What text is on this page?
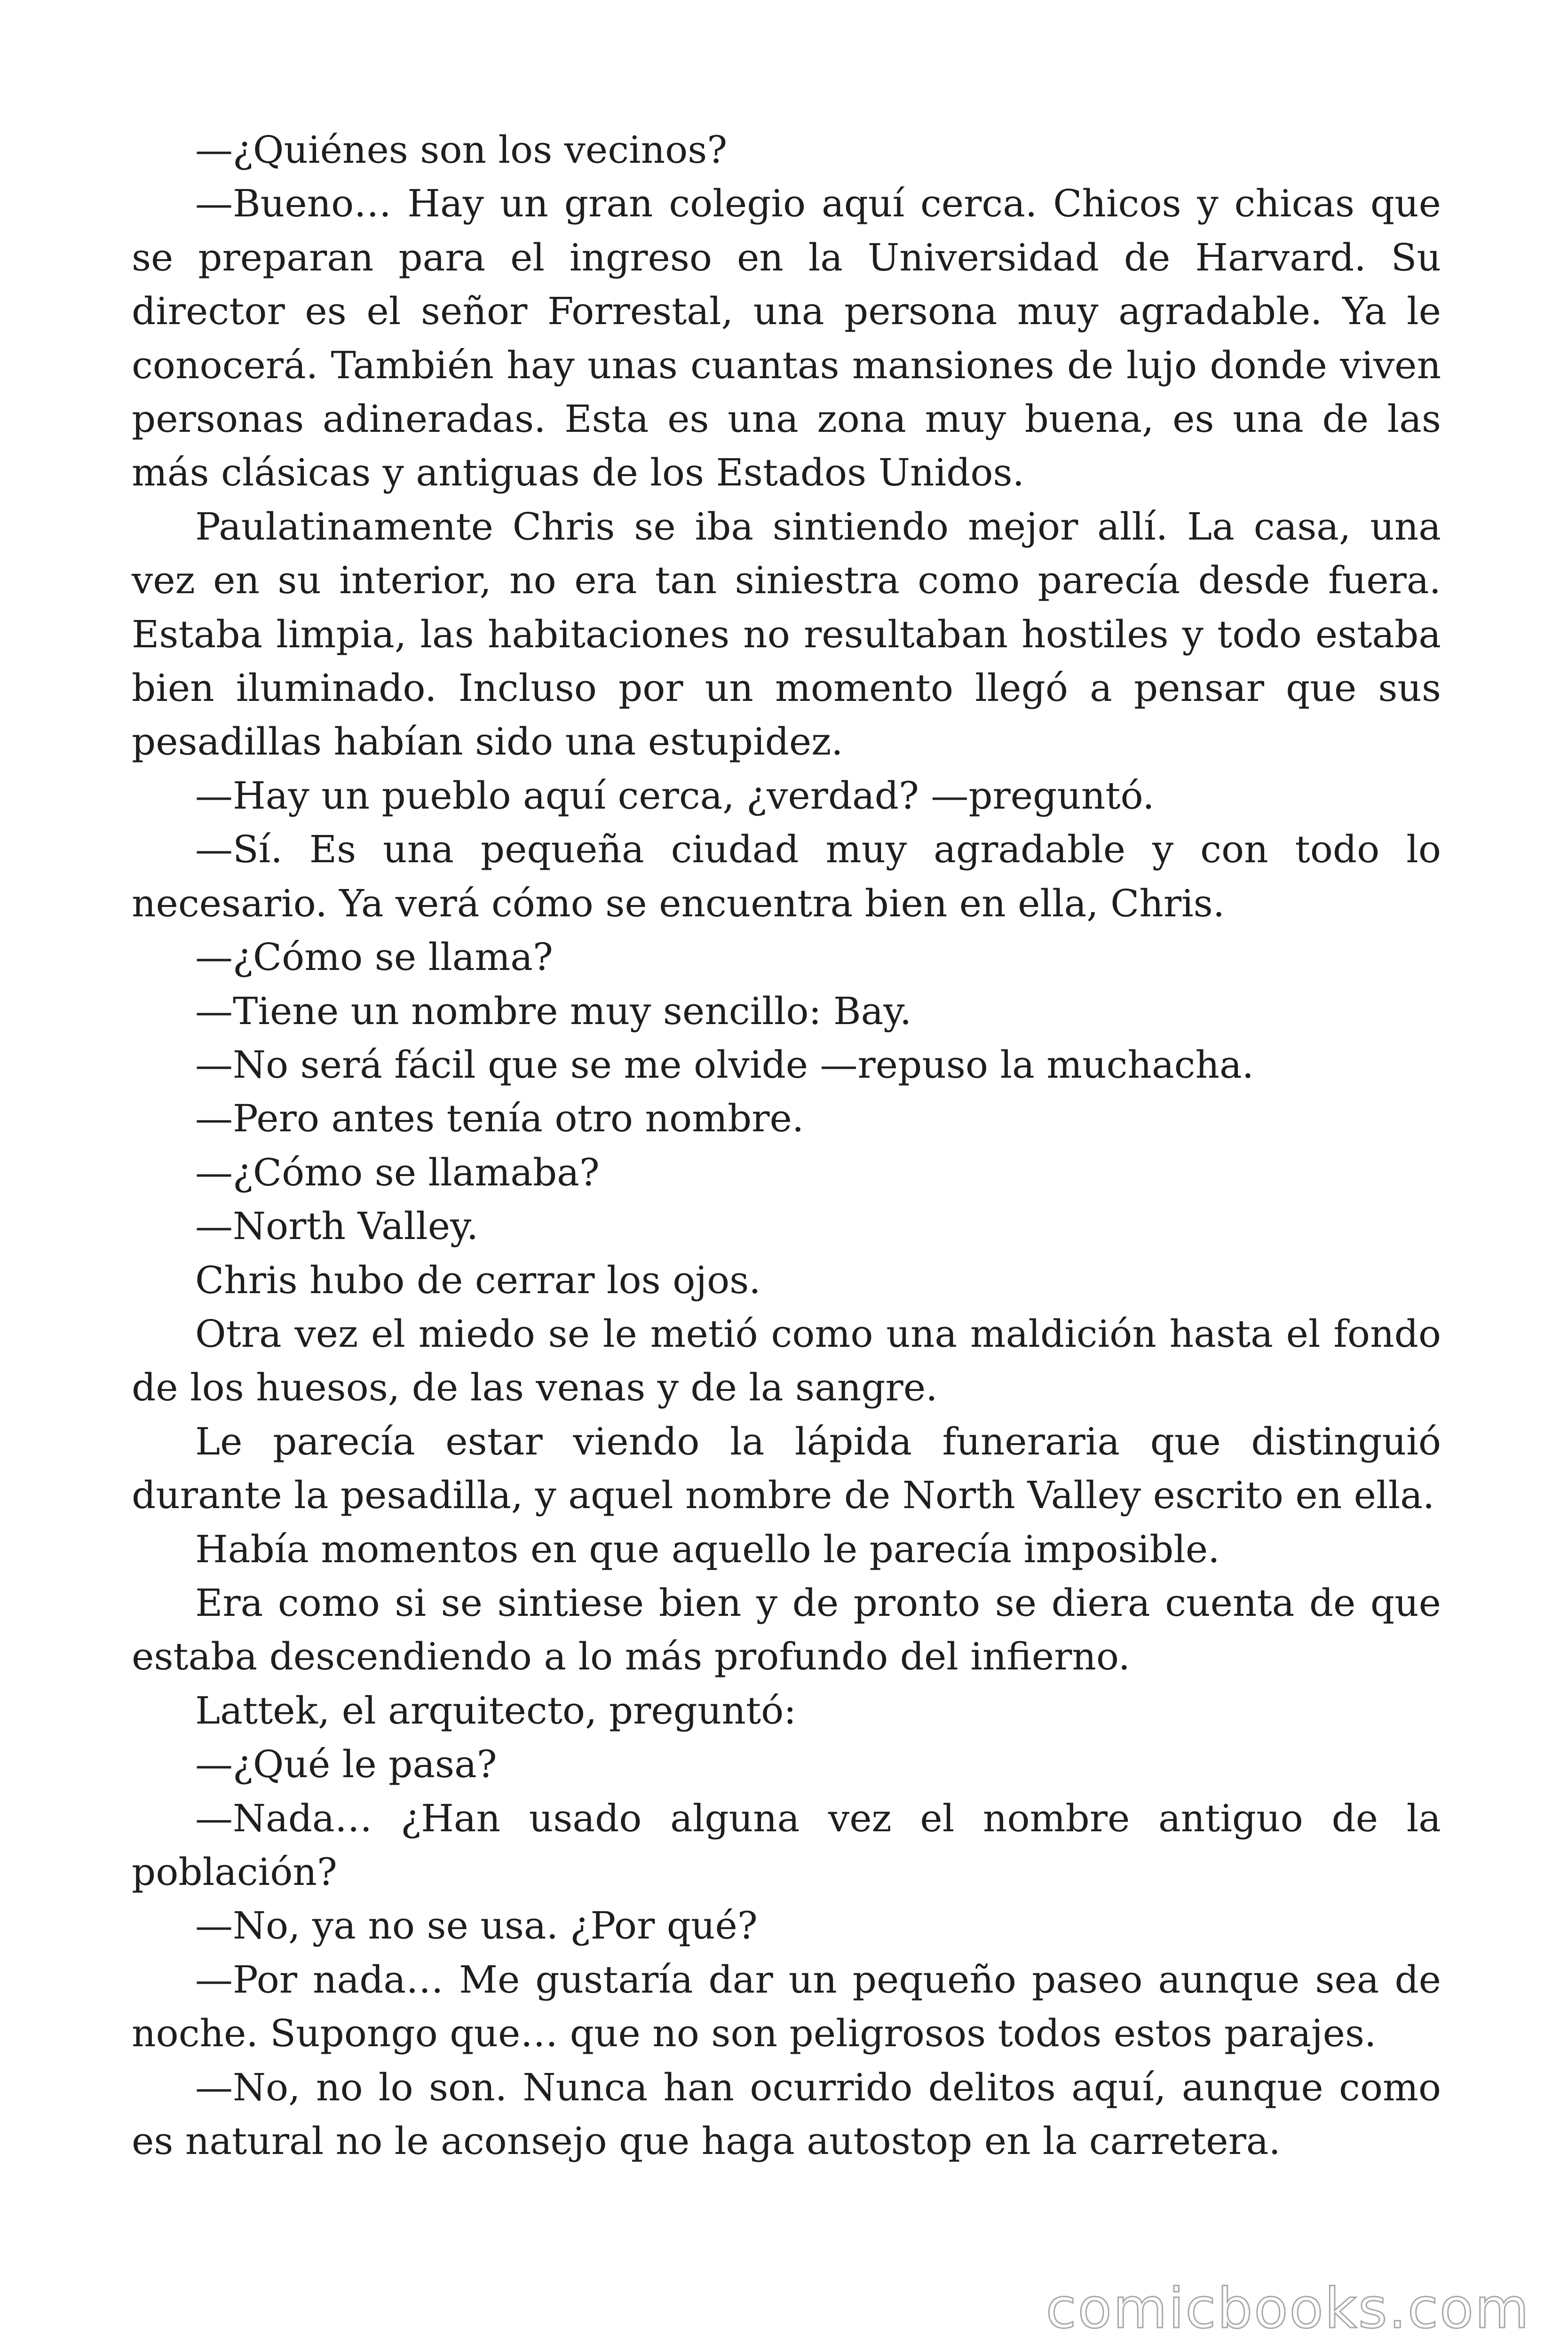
—¿Quiénes son los vecinos?

—Bueno… Hay un gran colegio aquí cerca. Chicos y chicas que se preparan para el ingreso en la Universidad de Harvard. Su director es el señor Forrestal, una persona muy agradable. Ya le conocerá. También hay unas cuantas mansiones de lujo donde viven personas adineradas. Esta es una zona muy buena, es una de las más clásicas y antiguas de los Estados Unidos.

Paulatinamente Chris se iba sintiendo mejor allí. La casa, una vez en su interior, no era tan siniestra como parecía desde fuera. Estaba limpia, las habitaciones no resultaban hostiles y todo estaba bien iluminado. Incluso por un momento llegó a pensar que sus pesadillas habían sido una estupidez.

—Hay un pueblo aquí cerca, ¿verdad? —preguntó.

—Sí. Es una pequeña ciudad muy agradable y con todo lo necesario. Ya verá cómo se encuentra bien en ella, Chris.

—¿Cómo se llama?

—Tiene un nombre muy sencillo: Bay.

—No será fácil que se me olvide —repuso la muchacha.

—Pero antes tenía otro nombre.

—¿Cómo se llamaba?

—North Valley.

Chris hubo de cerrar los ojos.

Otra vez el miedo se le metió como una maldición hasta el fondo de los huesos, de las venas y de la sangre.

Le parecía estar viendo la lápida funeraria que distinguió durante la pesadilla, y aquel nombre de North Valley escrito en ella.

Había momentos en que aquello le parecía imposible.

Era como si se sintiese bien y de pronto se diera cuenta de que estaba descendiendo a lo más profundo del infierno.

Lattek, el arquitecto, preguntó:

—¿Qué le pasa?

—Nada… ¿Han usado alguna vez el nombre antiguo de la población?

—No, ya no se usa. ¿Por qué?

—Por nada… Me gustaría dar un pequeño paseo aunque sea de noche. Supongo que… que no son peligrosos todos estos parajes.

—No, no lo son. Nunca han ocurrido delitos aquí, aunque como es natural no le aconsejo que haga autostop en la carretera.

comicbooks.com
